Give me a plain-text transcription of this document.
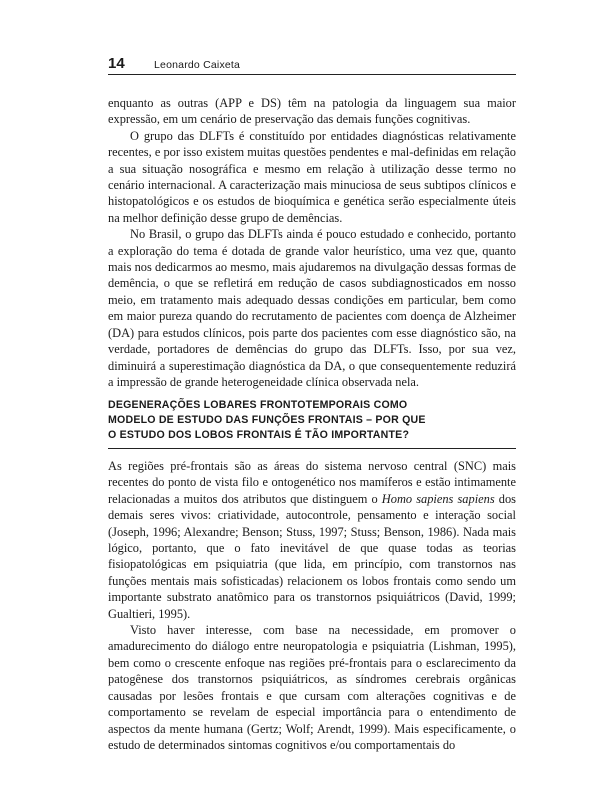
14	Leonardo Caixeta

enquanto as outras (APP e DS) têm na patologia da linguagem sua maior expressão, em um cenário de preservação das demais funções cognitivas.

O grupo das DLFTs é constituído por entidades diagnósticas relativamente recentes, e por isso existem muitas questões pendentes e mal-definidas em relação a sua situação nosográfica e mesmo em relação à utilização desse termo no cenário internacional. A caracterização mais minuciosa de seus subtipos clínicos e histopatológicos e os estudos de bioquímica e genética serão especialmente úteis na melhor definição desse grupo de demências.

No Brasil, o grupo das DLFTs ainda é pouco estudado e conhecido, portanto a exploração do tema é dotada de grande valor heurístico, uma vez que, quanto mais nos dedicarmos ao mesmo, mais ajudaremos na divulgação dessas formas de demência, o que se refletirá em redução de casos subdiagnosticados em nosso meio, em tratamento mais adequado dessas condições em particular, bem como em maior pureza quando do recrutamento de pacientes com doença de Alzheimer (DA) para estudos clínicos, pois parte dos pacientes com esse diagnóstico são, na verdade, portadores de demências do grupo das DLFTs. Isso, por sua vez, diminuirá a superestimação diagnóstica da DA, o que consequentemente reduzirá a impressão de grande heterogeneidade clínica observada nela.

DEGENERAÇÕES LOBARES FRONTOTEMPORAIS COMO
MODELO DE ESTUDO DAS FUNÇÕES FRONTAIS – POR QUE
O ESTUDO DOS LOBOS FRONTAIS É TÃO IMPORTANTE?

As regiões pré-frontais são as áreas do sistema nervoso central (SNC) mais recentes do ponto de vista filo e ontogenético nos mamíferos e estão intimamente relacionadas a muitos dos atributos que distinguem o Homo sapiens sapiens dos demais seres vivos: criatividade, autocontrole, pensamento e interação social (Joseph, 1996; Alexandre; Benson; Stuss, 1997; Stuss; Benson, 1986). Nada mais lógico, portanto, que o fato inevitável de que quase todas as teorias fisiopatológicas em psiquiatria (que lida, em princípio, com transtornos nas funções mentais mais sofisticadas) relacionem os lobos frontais como sendo um importante substrato anatômico para os transtornos psiquiátricos (David, 1999; Gualtieri, 1995).

Visto haver interesse, com base na necessidade, em promover o amadurecimento do diálogo entre neuropatologia e psiquiatria (Lishman, 1995), bem como o crescente enfoque nas regiões pré-frontais para o esclarecimento da patogênese dos transtornos psiquiátricos, as síndromes cerebrais orgânicas causadas por lesões frontais e que cursam com alterações cognitivas e de comportamento se revelam de especial importância para o entendimento de aspectos da mente humana (Gertz; Wolf; Arendt, 1999). Mais especificamente, o estudo de determinados sintomas cognitivos e/ou comportamentais do
